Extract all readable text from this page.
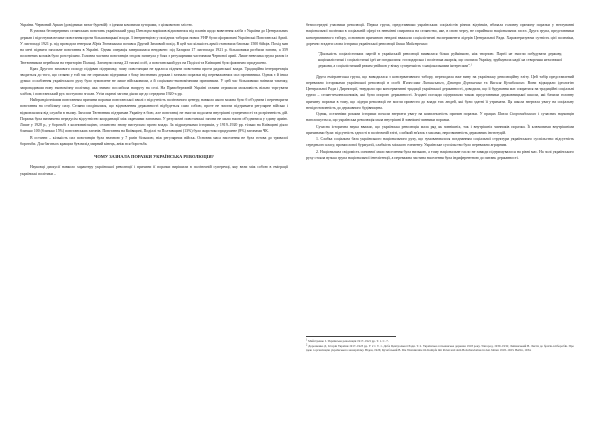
України. Червоний Аркан (довідники: ватаг буревій): з ідеями кочовими хуторами, з цілковитою злістю.

В умовах безперервних селянських повстань український уряд Петлюри вирішив відмовитися від планів щодо вивезення хліба з України до Центральних держав і підготував велике повстання проти більшовицької влади. З інтервенцією у похідних таборах нових УНР були сформовані Українські Повстанські Армії. У листопаді 1921 р. під проводом генерала Юрія Тютюнника почався Другий Зимовий похід. В цей час кількість армії становила близько 1500 бійців. Похід мав на меті підняти загальне повстання в Україні. Однак операція завершилася невдачею: під Базаром 17 листопада 1921 р. більшовики розбили загони, а 359 полонених козаків було розстріляно. Головна частина повстанців згодом загинула у боях з регулярними частинами Червоної армії. Лише невелика група разом із Тютюнником перейшла на територію Польщі. Загинули понад 23 тисячі осіб, а повстанський рух на Поділлі та Київщині було фактично придушено.

Крах Другого зимового походу підірвав підтримку, чому повстанцям не вдалося підняти повстання проти радянської влади. Традиційна інтерпретація зводиться до того, що селяни у той час не отримали підтримки з боку іноземних держав і зазнали поразки від переважаючих сил противника. Однак є й інша думка: ослаблення українського руху було зумовлене не лише військовими, а й соціально-економічними причинами. У цей час більшовики змінили тактику, запровадивши нову економічну політику, яка значно послабила напругу на селі. На Правобережній Україні селяни отримали можливість вільно торгувати хлібом, і повстанський рух поступово згасав. Утім окремі загони діяли ще до середини 1920-х рр.

Найграндіознішим повстанням причини поразки повстанської хвилі є відсутність політичного центру, навколо якого можна було б об'єднати і перетворити повстання на стабільну силу. Селяни сподівалися, що відновлення державності відбудеться само собою, проте не змогли підтримати регулярне військо і відмовлялися від служби в ньому. Загалом Тютюнник підтримав Україну в бою, але повстанці не змогли подолати внутрішні суперечності та розрізненість дій. Поразка була визначена передусім відсутністю координації між окремими загонами. У результаті повстанські загони не мали змоги об'єднатися у єдину армію. Лише у 1928 р., у боротьбі з колективізацією, селянство знову виступило проти влади. За підрахунками істориків, у 1919–1920 рр. тільки на Київщині діяло близько 100 (близько 15%) повстанських загонів. Повстання на Київщині, Поділлі та Полтавщині (13%) було жорстоко придушене (8%) загонами ЧК.

В останнє – кількість сил повстанців була значною у 7 разів більшою, ніж регулярних військ. Основна маса населення не була готова до тривалої боротьби. Для багатьох кращим був вихід мирний кінець, аніж вся боротьба.

ЧОМУ ЗАЗНАЛА ПОРАЗКИ УКРАЇНСЬКА РЕВОЛЮЦІЯ?

Науковці дискусії навколо характеру української революції і причини її поразки вирішили в політичній суперечці, яку вели між собою в еміграції українські політики –

безпосередні учасники революції. Перша група, представники українських соціалістів різних відтінків, вбачала головну причину поразки у нехтуванні національної політики в соціальній сфері та невмінні спиратися на селянство, яке, в свою чергу, не сприйняло національних гасел. Друга група, представники консервативного табору, основною причиною невдачі вважали соціалістичні експерименти лідерів Центральної Ради. Характеризуючи сутність цієї полеміки, доречно згадати слова історика української революції Івана Майстренка:

"Діяльність соціалістичних партій в українській революції виявилася більш руйнівною, ніж творчою. Партії не змогли побудувати державу, націоналістичні і соціалістичні ідеї не поєдналися: господарська і політична анархія, що охопила Україну, зруйнувала надії на створення незалежної держави, а соціалістичний режим увійшов у вічну суперечність з національними інтересами".$^1$

Друга емігрантська група, що виводилася з консервативного табору, переходила вже вину на українську революційну еліту. Цей табір представлений переважно істориками української революції в особі В'ячеслава Липинського, Дмитра Дорошенка та Василя Кучабського. Вони відкидали ідеологію Центральної Ради і Директорії, твердили про консервативні традиції української державності, доводили, що її будування має спиратися на традиційні соціальні групи – селян-землевласників, які були опорою державності. Згадані погляди підтримали також представники державницької школи, які бачили головну причину поразки в тому, що лідери революції не могли привести до влади тих людей, які були здатні її утримати. Ця школа звертала увагу на соціальну непідготовленість до державного будівництва.

Однак, останніми роками історики почали звертати увагу на комплексність причин поразки. У працях Павла Скоропадського і сучасних науковців наголошується, що українська революція мала внутрішні й зовнішні чинники поразки.

Сучасна історична наука вважає, що українська революція мала ряд як зовнішніх, так і внутрішніх чинників поразки. Її ключовими внутрішніми причинами були: відсутність єдності в політичній еліті, слабкий зв'язок з масами, нерозвиненість державних інституцій.

1. Слабка соціальна база українського національного руху, що зумовлювалося поєднанням соціальної структури українського суспільства: відсутність середнього класу, промислової буржуазії, слабкість міського елементу. Українське суспільство було переважно аграрним.

2. Національна свідомість основної маси населення була низькою, а тому національне гасло не завжди підтримувалося на рівні мас. На чолі українського руху стояла вузька група національної інтелігенції, а переважна частина населення була індиферентною до питань державності.

$^1$ Майстренко І. Українська революція 1917–1921 рр. Т. 1. С. 7.

$^2$ Дорошенко Д. Історія України 1917–1923 рр. У 2 т. Т. 1. Доба Центральної Ради. Т. 2. Українська гетьманська держава 1918 року. Ужгород, 1930–1932; Липинський В. Листи до братів-хліборобів. Про ідею і організацію українського монархізму. Віден, 1926; Кучабський В. Die Westukraine im Kampfe mit Polen und dem Bolschewismus in den Jahren 1918–1923. Berlin, 1934.
